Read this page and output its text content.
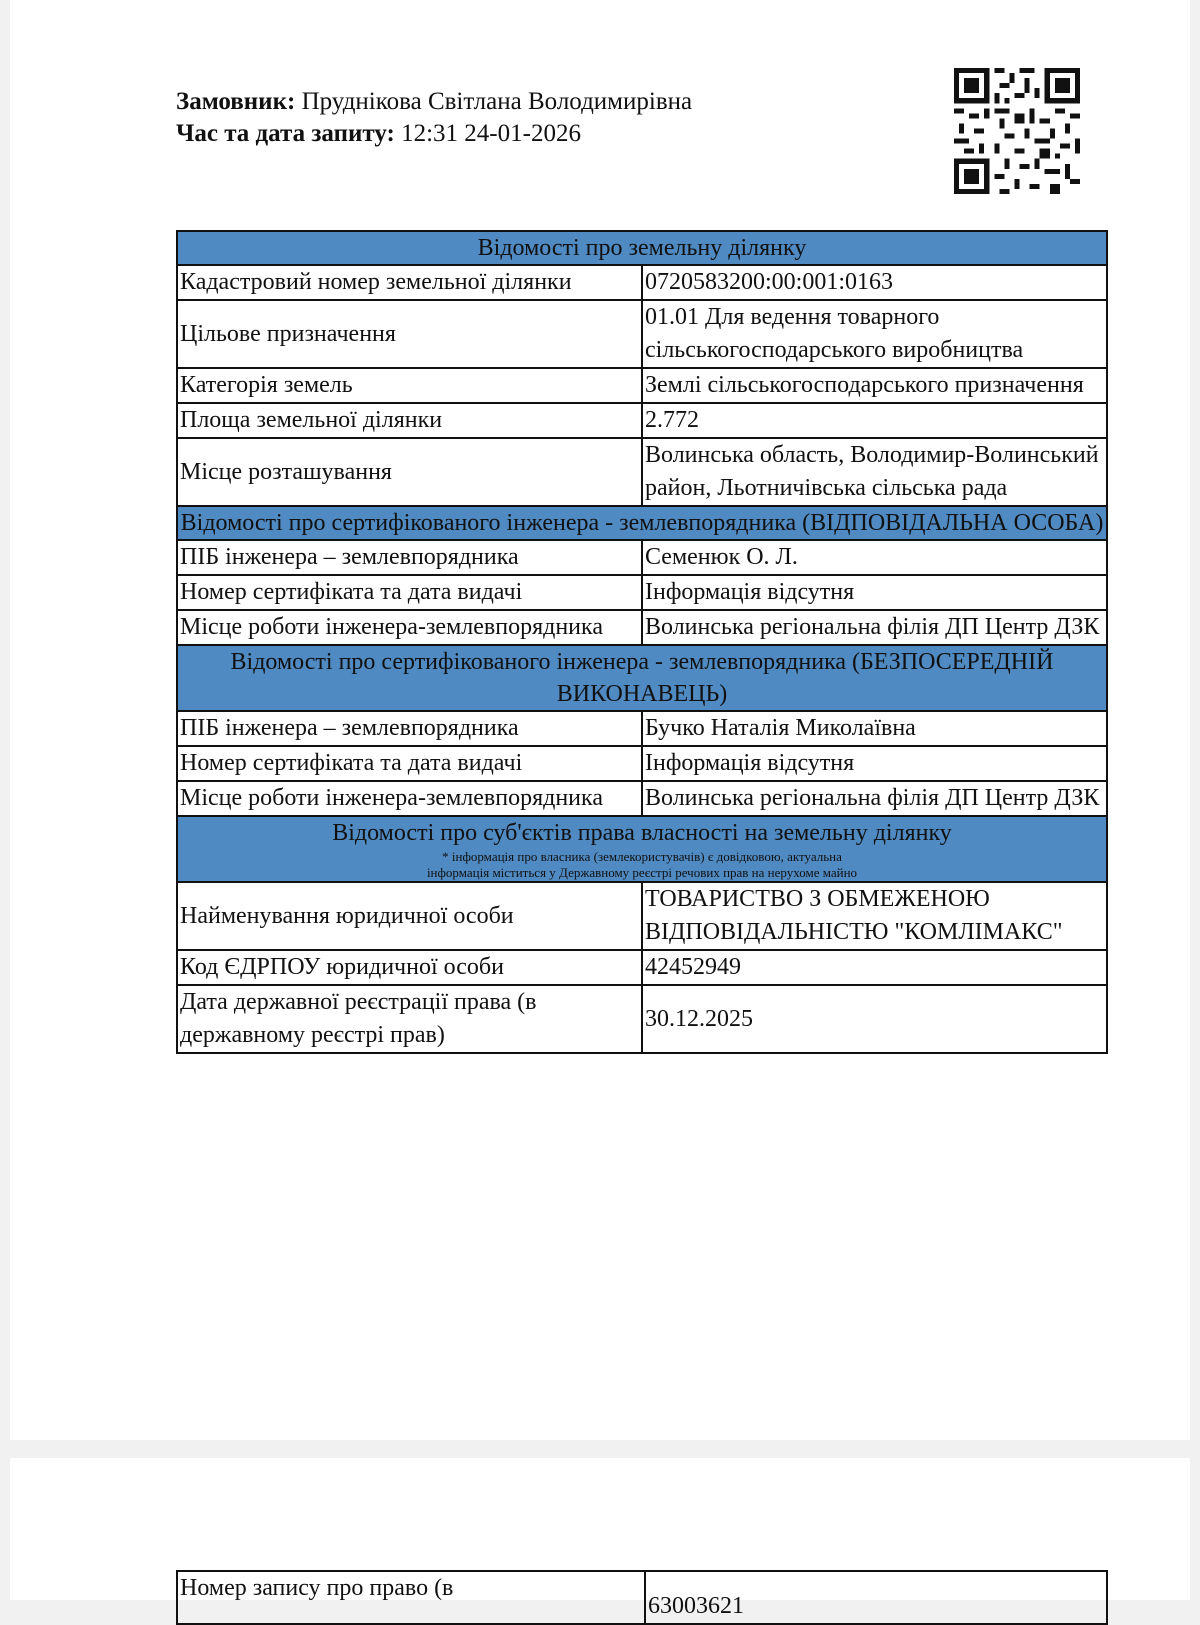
Замовник: Пруднікова Світлана Володимирівна
Час та дата запиту: 12:31 24-01-2026
Відомості про земельну ділянку	
Кадастровий номер земельної ділянки	0720583200:00:001:0163
Цільове призначення	01.01 Для ведення товарного сільськогосподарського виробництва
Категорія земель	Землі сільськогосподарського призначення
Площа земельної ділянки	2.772
Місце розташування	Волинська область, Володимир-Волинський район, Льотничівська сільська рада
Відомості про сертифікованого інженера - землевпорядника (ВІДПОВІДАЛЬНА ОСОБА)	
ПІБ інженера – землевпорядника	Семенюк О. Л.
Номер сертифіката та дата видачі	Інформація відсутня
Місце роботи інженера-землевпорядника	Волинська регіональна філія ДП Центр ДЗК
Відомості про сертифікованого інженера - землевпорядника (БЕЗПОСЕРЕДНІЙ ВИКОНАВЕЦЬ)	
ПІБ інженера – землевпорядника	Бучко Наталія Миколаївна
Номер сертифіката та дата видачі	Інформація відсутня
Місце роботи інженера-землевпорядника	Волинська регіональна філія ДП Центр ДЗК
Відомості про суб'єктів права власності на земельну ділянку
* інформація про власника (землекористувачів) є довідковою, актуальна
інформація міститься у Державному реєстрі речових прав на нерухоме майно	

Найменування юридичної особи	ТОВАРИСТВО З ОБМЕЖЕНОЮ ВІДПОВІДАЛЬНІСТЮ "КОМЛІМАКС"
Код ЄДРПОУ юридичної особи	42452949
Дата державної реєстрації права (в державному реєстрі прав)	30.12.2025
Номер запису про право (в	63003621
